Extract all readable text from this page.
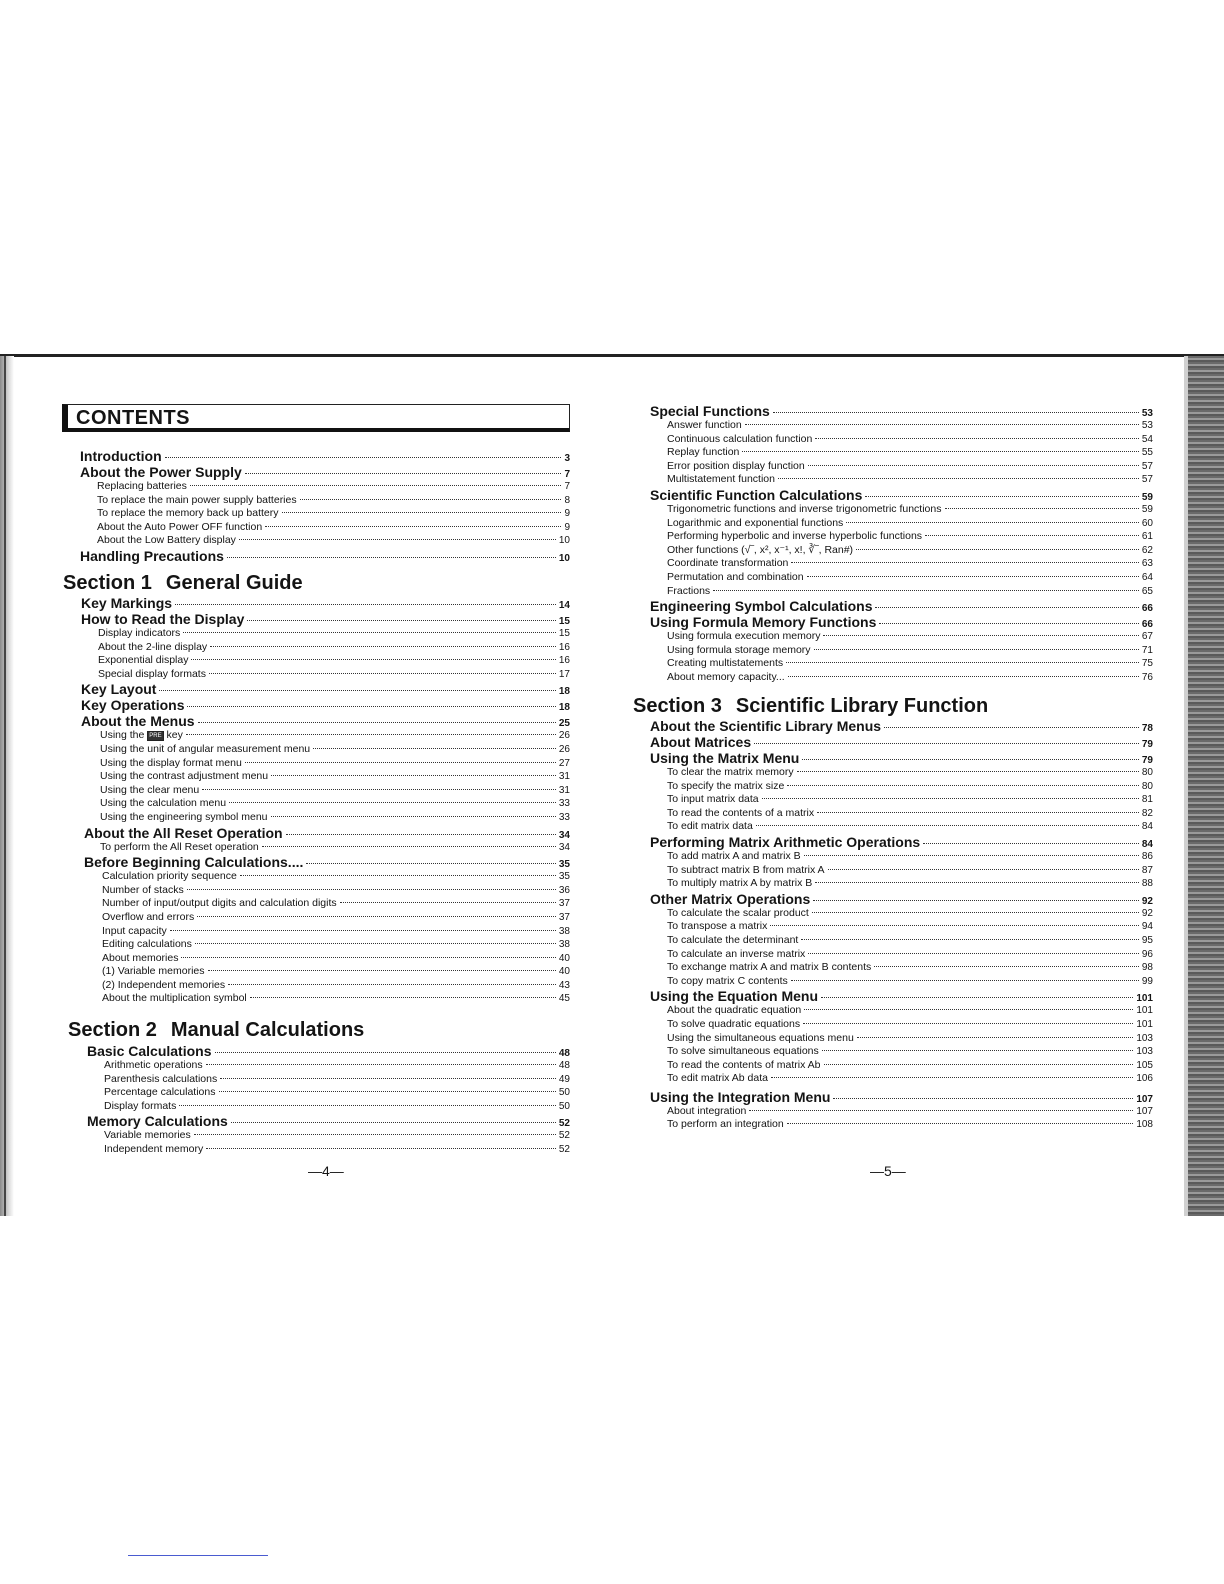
CONTENTS
Introduction	3
About the Power Supply	7
Replacing batteries	7
To replace the main power supply batteries	8
To replace the memory back up battery	9
About the Auto Power OFF function	9
About the Low Battery display	10
Handling Precautions	10
Section 1 General Guide
Key Markings	14
How to Read the Display	15
Display indicators	15
About the 2-line display	16
Exponential display	16
Special display formats	17
Key Layout	18
Key Operations	18
About the Menus	25
Using the PRE key	26
Using the unit of angular measurement menu	26
Using the display format menu	27
Using the contrast adjustment menu	31
Using the clear menu	31
Using the calculation menu	33
Using the engineering symbol menu	33
About the All Reset Operation	34
To perform the All Reset operation	34
Before Beginning Calculations....	35
Calculation priority sequence	35
Number of stacks	36
Number of input/output digits and calculation digits	37
Overflow and errors	37
Input capacity	38
Editing calculations	38
About memories	40
(1) Variable memories	40
(2) Independent memories	43
About the multiplication symbol	45
Section 2 Manual Calculations
Basic Calculations	48
Arithmetic operations	48
Parenthesis calculations	49
Percentage calculations	50
Display formats	50
Memory Calculations	52
Variable memories	52
Independent memory	52
—4—
Special Functions	53
Answer function	53
Continuous calculation function	54
Replay function	55
Error position display function	57
Multistatement function	57
Scientific Function Calculations	59
Trigonometric functions and inverse trigonometric functions	59
Logarithmic and exponential functions	60
Performing hyperbolic and inverse hyperbolic functions	61
Other functions (√‾, x², x⁻¹, x!, ∛‾, Ran#)	62
Coordinate transformation	63
Permutation and combination	64
Fractions	65
Engineering Symbol Calculations	66
Using Formula Memory Functions	66
Using formula execution memory	67
Using formula storage memory	71
Creating multistatements	75
About memory capacity...	76
Section 3 Scientific Library Function
About the Scientific Library Menus	78
About Matrices	79
Using the Matrix Menu	79
To clear the matrix memory	80
To specify the matrix size	80
To input matrix data	81
To read the contents of a matrix	82
To edit matrix data	84
Performing Matrix Arithmetic Operations	84
To add matrix A and matrix B	86
To subtract matrix B from matrix A	87
To multiply matrix A by matrix B	88
Other Matrix Operations	92
To calculate the scalar product	92
To transpose a matrix	94
To calculate the determinant	95
To calculate an inverse matrix	96
To exchange matrix A and matrix B contents	98
To copy matrix C contents	99
Using the Equation Menu	101
About the quadratic equation	101
To solve quadratic equations	101
Using the simultaneous equations menu	103
To solve simultaneous equations	103
To read the contents of matrix Ab	105
To edit matrix Ab data	106
Using the Integration Menu	107
About integration	107
To perform an integration	108
—5—
